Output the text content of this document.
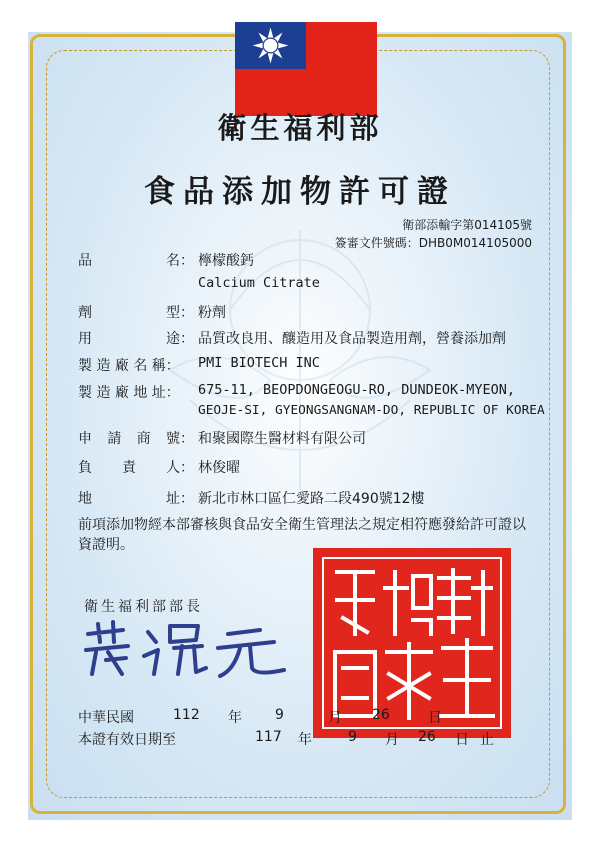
衛生福利部
食品添加物許可證
衛部添輸字第014105號
簽審文件號碼：DHB0M014105000
品	名： 檸檬酸鈣
Calcium Citrate
劑	型： 粉劑
用	途： 品質改良用、釀造用及食品製造用劑，營養添加劑
製 造 廠 名 稱： PMI BIOTECH INC
製 造 廠 地 址： 675-11, BEOPDONGEOGU-RO, DUNDEOK-MYEON,
GEOJE-SI, GYEONGSANGNAM-DO, REPUBLIC OF KOREA
申 請 商 號： 和聚國際生醫材料有限公司
負 責 人： 林俊曜
地	址： 新北市林口區仁愛路二段490號12樓
前項添加物經本部審核與食品安全衛生管理法之規定相符應發給許可證以資證明。
衛生福利部部長
衛生福利部印
中華民國	112 年 9	月 26	日
本證有效日期至	117 年	9 月 26 日 止
